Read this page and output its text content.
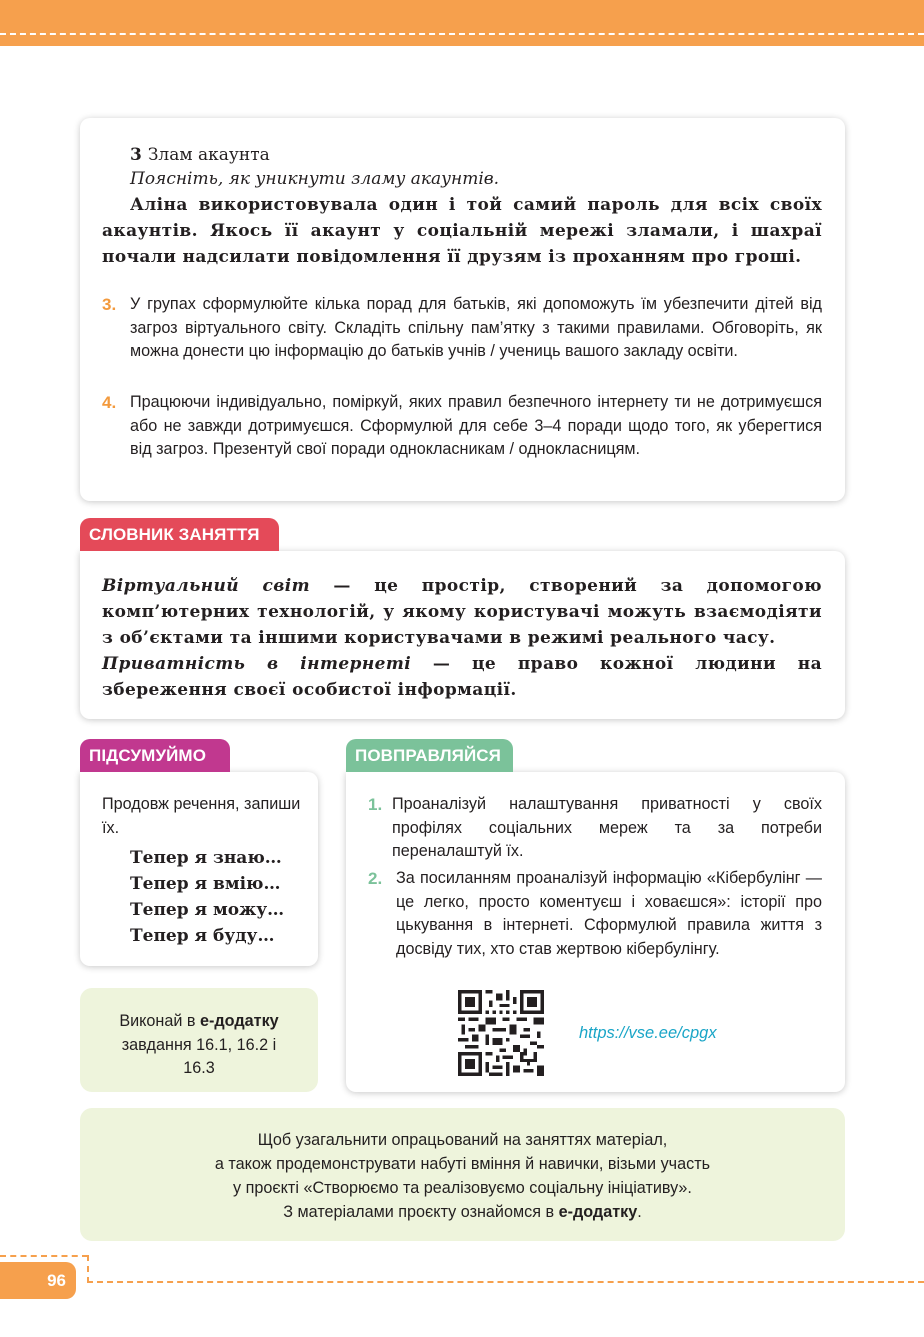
3 Злам акаунта
Поясніть, як уникнути зламу акаунтів.
Аліна використовувала один і той самий пароль для всіх своїх акаунтів. Якось її акаунт у соціальній мережі зламали, і шахраї почали надсилати повідомлення її друзям із проханням про гроші.
3. У групах сформулюйте кілька порад для батьків, які допоможуть їм убезпечити дітей від загроз віртуального світу. Складіть спільну пам’ятку з такими правилами. Обговоріть, як можна донести цю інформацію до батьків учнів / учениць вашого закладу освіти.
4. Працюючи індивідуально, поміркуй, яких правил безпечного інтернету ти не дотримуєшся або не завжди дотримуєшся. Сформулюй для себе 3–4 поради щодо того, як уберегтися від загроз. Презентуй свої поради однокласникам / однокласницям.
СЛОВНИК ЗАНЯТТЯ
Віртуальний світ — це простір, створений за допомогою комп’ютерних технологій, у якому користувачі можуть взаємодіяти з об’єктами та іншими користувачами в режимі реального часу.
Приватність в інтернеті — це право кожної людини на збереження своєї особистої інформації.
ПІДСУМУЙМО
Продовж речення, запиши їх.
Тепер я знаю…
Тепер я вмію…
Тепер я можу…
Тепер я буду…
ПОВПРАВЛЯЙСЯ
1. Проаналізуй налаштування приватності у своїх профілях соціальних мереж та за потреби переналаштуй їх.
2. За посиланням проаналізуй інформацію «Кібербулінг — це легко, просто коментуєш і ховаєшся»: історії про цькування в інтернеті. Сформулюй правила життя з досвіду тих, хто став жертвою кібербулінгу.
https://vse.ee/cpgx
Виконай в е-додатку
завдання 16.1, 16.2 і 16.3
Щоб узагальнити опрацьований на заняттях матеріал,
а також продемонструвати набуті вміння й навички, візьми участь
у проєкті «Створюємо та реалізовуємо соціальну ініціативу».
З матеріалами проєкту ознайомся в е-додатку.
96
